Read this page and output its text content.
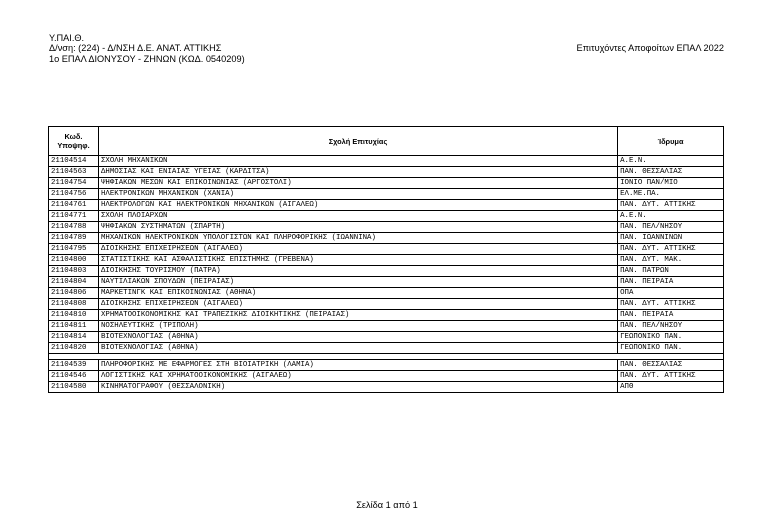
Υ.ΠΑΙ.Θ.
Δ/νση: (224) - Δ/ΝΣΗ Δ.Ε. ΑΝΑΤ. ΑΤΤΙΚΗΣ
1ο ΕΠΑΛ ΔΙΟΝΥΣΟΥ - ΖΗΝΩΝ (ΚΩΔ. 0540209)
Επιτυχόντες Αποφοίτων ΕΠΑΛ 2022
Κωδ. Υποψηφ.	Σχολή Επιτυχίας	Ίδρυμα
21104514	ΣΧΟΛΗ ΜΗΧΑΝΙΚΩΝ	Α.Ε.Ν.
21104563	ΔΗΜΟΣΙΑΣ ΚΑΙ ΕΝΙΑΙΑΣ ΥΓΕΙΑΣ (ΚΑΡΔΙΤΣΑ)	ΠΑΝ. ΘΕΣΣΑΛΙΑΣ
21104754	ΨΗΦΙΑΚΩΝ ΜΕΣΩΝ ΚΑΙ ΕΠΙΚΟΙΝΩΝΙΑΣ (ΑΡΓΟΣΤΟΛΙ)	ΙΟΝΙΟ ΠΑΝ/ΜΙΟ
21104756	ΗΛΕΚΤΡΟΝΙΚΩΝ ΜΗΧΑΝΙΚΩΝ (ΧΑΝΙΑ)	ΕΛ.ΜΕ.ΠΑ.
21104761	ΗΛΕΚΤΡΟΛΟΓΩΝ ΚΑΙ ΗΛΕΚΤΡΟΝΙΚΩΝ ΜΗΧΑΝΙΚΩΝ (ΑΙΓΑΛΕΩ)	ΠΑΝ. ΔΥΤ. ΑΤΤΙΚΗΣ
21104771	ΣΧΟΛΗ ΠΛΟΙΑΡΧΩΝ	Α.Ε.Ν.
21104788	ΨΗΦΙΑΚΩΝ ΣΥΣΤΗΜΑΤΩΝ (ΣΠΑΡΤΗ)	ΠΑΝ. ΠΕΛ/ΝΗΣΟΥ
21104789	ΜΗΧΑΝΙΚΩΝ ΗΛΕΚΤΡΟΝΙΚΩΝ ΥΠΟΛΟΓΙΣΤΩΝ ΚΑΙ ΠΛΗΡΟΦΟΡΙΚΗΣ (ΙΩΑΝΝΙΝΑ)	ΠΑΝ. ΙΩΑΝΝΙΝΩΝ
21104795	ΔΙΟΙΚΗΣΗΣ ΕΠΙΧΕΙΡΗΣΕΩΝ (ΑΙΓΑΛΕΩ)	ΠΑΝ. ΔΥΤ. ΑΤΤΙΚΗΣ
21104800	ΣΤΑΤΙΣΤΙΚΗΣ ΚΑΙ ΑΣΦΑΛΙΣΤΙΚΗΣ ΕΠΙΣΤΗΜΗΣ (ΓΡΕΒΕΝΑ)	ΠΑΝ. ΔΥΤ. ΜΑΚ.
21104803	ΔΙΟΙΚΗΣΗΣ ΤΟΥΡΙΣΜΟΥ (ΠΑΤΡΑ)	ΠΑΝ. ΠΑΤΡΩΝ
21104804	ΝΑΥΤΙΛΙΑΚΩΝ ΣΠΟΥΔΩΝ (ΠΕΙΡΑΙΑΣ)	ΠΑΝ. ΠΕΙΡΑΙΑ
21104806	ΜΑΡΚΕΤΙΝΓΚ ΚΑΙ ΕΠΙΚΟΙΝΩΝΙΑΣ (ΑΘΗΝΑ)	ΟΠΑ
21104808	ΔΙΟΙΚΗΣΗΣ ΕΠΙΧΕΙΡΗΣΕΩΝ (ΑΙΓΑΛΕΩ)	ΠΑΝ. ΔΥΤ. ΑΤΤΙΚΗΣ
21104810	ΧΡΗΜΑΤΟΟΙΚΟΝΟΜΙΚΗΣ ΚΑΙ ΤΡΑΠΕΖΙΚΗΣ ΔΙΟΙΚΗΤΙΚΗΣ (ΠΕΙΡΑΙΑΣ)	ΠΑΝ. ΠΕΙΡΑΙΑ
21104811	ΝΟΣΗΛΕΥΤΙΚΗΣ (ΤΡΙΠΟΛΗ)	ΠΑΝ. ΠΕΛ/ΝΗΣΟΥ
21104814	ΒΙΟΤΕΧΝΟΛΟΓΙΑΣ (ΑΘΗΝΑ)	ΓΕΩΠΟΝΙΚΟ ΠΑΝ.
21104820	ΒΙΟΤΕΧΝΟΛΟΓΙΑΣ (ΑΘΗΝΑ)	ΓΕΩΠΟΝΙΚΟ ΠΑΝ.

21104539	ΠΛΗΡΟΦΟΡΙΚΗΣ ΜΕ ΕΦΑΡΜΟΓΕΣ ΣΤΗ ΒΙΟΙΑΤΡΙΚΗ (ΛΑΜΙΑ)	ΠΑΝ. ΘΕΣΣΑΛΙΑΣ
21104546	ΛΟΓΙΣΤΙΚΗΣ ΚΑΙ ΧΡΗΜΑΤΟΟΙΚΟΝΟΜΙΚΗΣ (ΑΙΓΑΛΕΩ)	ΠΑΝ. ΔΥΤ. ΑΤΤΙΚΗΣ
21104580	ΚΙΝΗΜΑΤΟΓΡΑΦΟΥ (ΘΕΣΣΑΛΟΝΙΚΗ)	ΑΠΘ
Σελίδα 1 από 1
